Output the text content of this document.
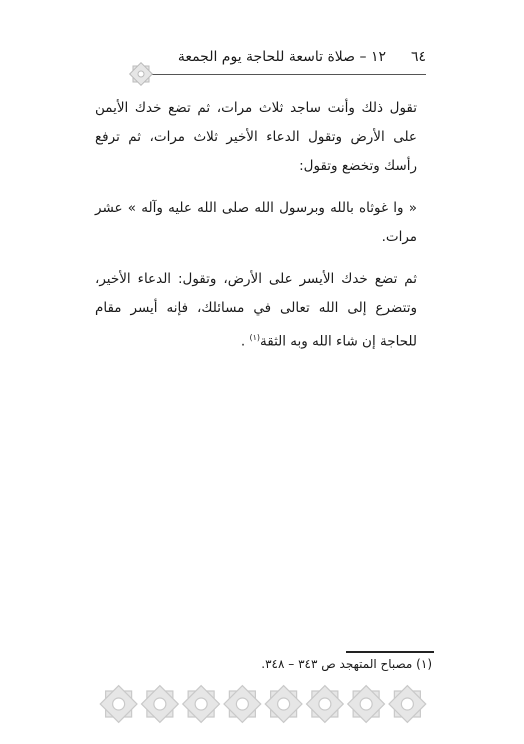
٦٤
١٢ – صلاة تاسعة للحاجة يوم الجمعة

تقول ذلك وأنت ساجد ثلاث مرات، ثم تضع خدك الأيمن على الأرض وتقول الدعاء الأخير ثلاث مرات، ثم ترفع رأسك وتخضع وتقول:

« وا غوثاه بالله وبرسول الله صلى الله عليه وآله » عشر مرات.

ثم تضع خدك الأيسر على الأرض، وتقول: الدعاء الأخير، وتتضرع إلى الله تعالى في مسائلك، فإنه أيسر مقام للحاجة إن شاء الله وبه الثقة$^{(١)}$ .

(١) مصباح المتهجد ص ٣٤٣ – ٣٤٨.
